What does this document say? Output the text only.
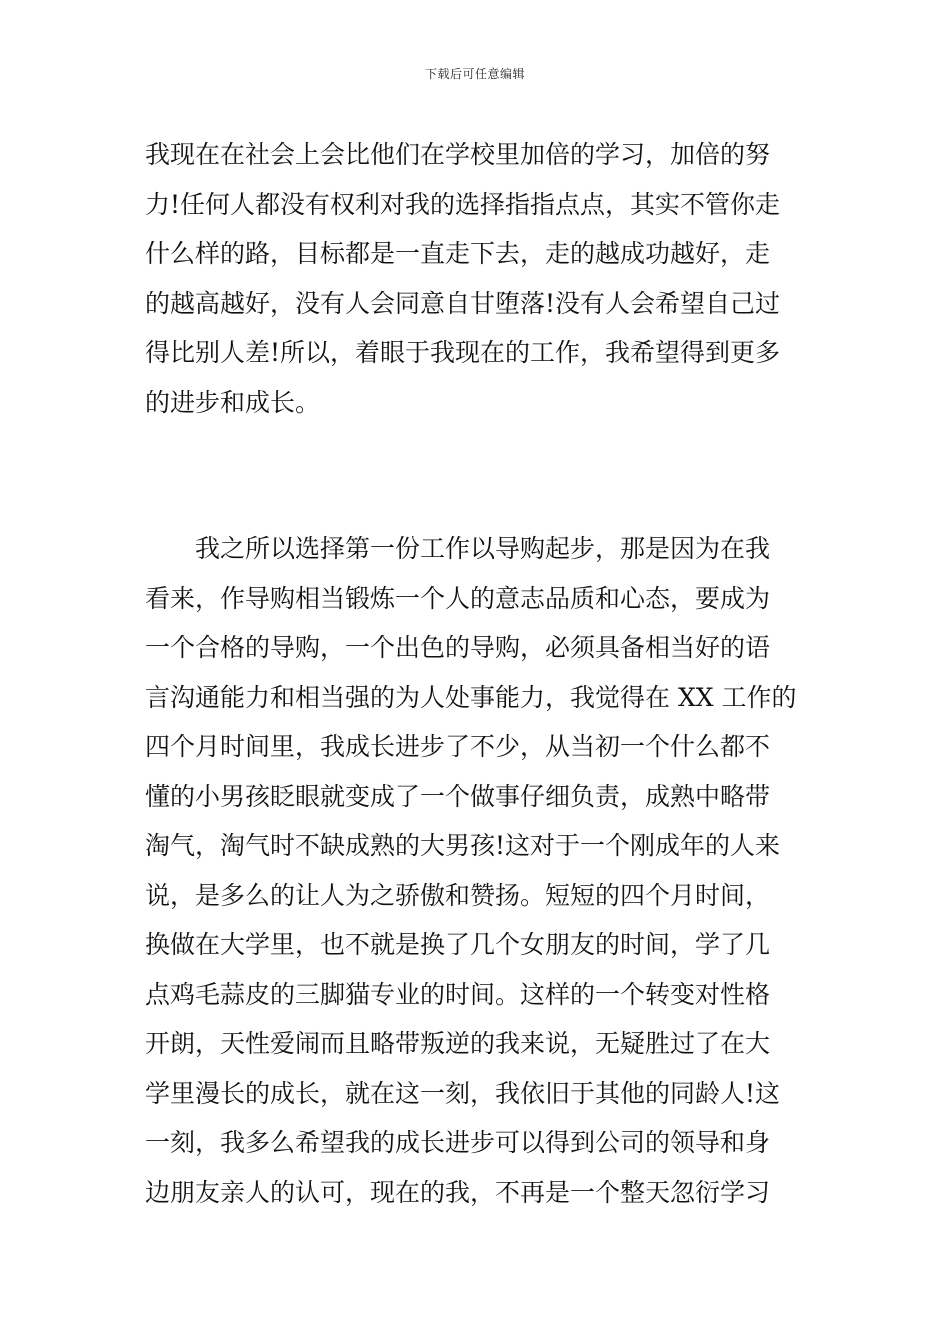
下载后可任意编辑
我现在在社会上会比他们在学校里加倍的学习，加倍的努
力!任何人都没有权利对我的选择指指点点，其实不管你走
什么样的路，目标都是一直走下去，走的越成功越好，走
的越高越好，没有人会同意自甘堕落!没有人会希望自己过
得比别人差!所以，着眼于我现在的工作，我希望得到更多
的进步和成长。
我之所以选择第一份工作以导购起步，那是因为在我
看来，作导购相当锻炼一个人的意志品质和心态，要成为
一个合格的导购，一个出色的导购，必须具备相当好的语
言沟通能力和相当强的为人处事能力，我觉得在 XX 工作的
四个月时间里，我成长进步了不少，从当初一个什么都不
懂的小男孩眨眼就变成了一个做事仔细负责，成熟中略带
淘气，淘气时不缺成熟的大男孩!这对于一个刚成年的人来
说，是多么的让人为之骄傲和赞扬。短短的四个月时间，
换做在大学里，也不就是换了几个女朋友的时间，学了几
点鸡毛蒜皮的三脚猫专业的时间。这样的一个转变对性格
开朗，天性爱闹而且略带叛逆的我来说，无疑胜过了在大
学里漫长的成长，就在这一刻，我依旧于其他的同龄人!这
一刻，我多么希望我的成长进步可以得到公司的领导和身
边朋友亲人的认可，现在的我，不再是一个整天忽衍学习
